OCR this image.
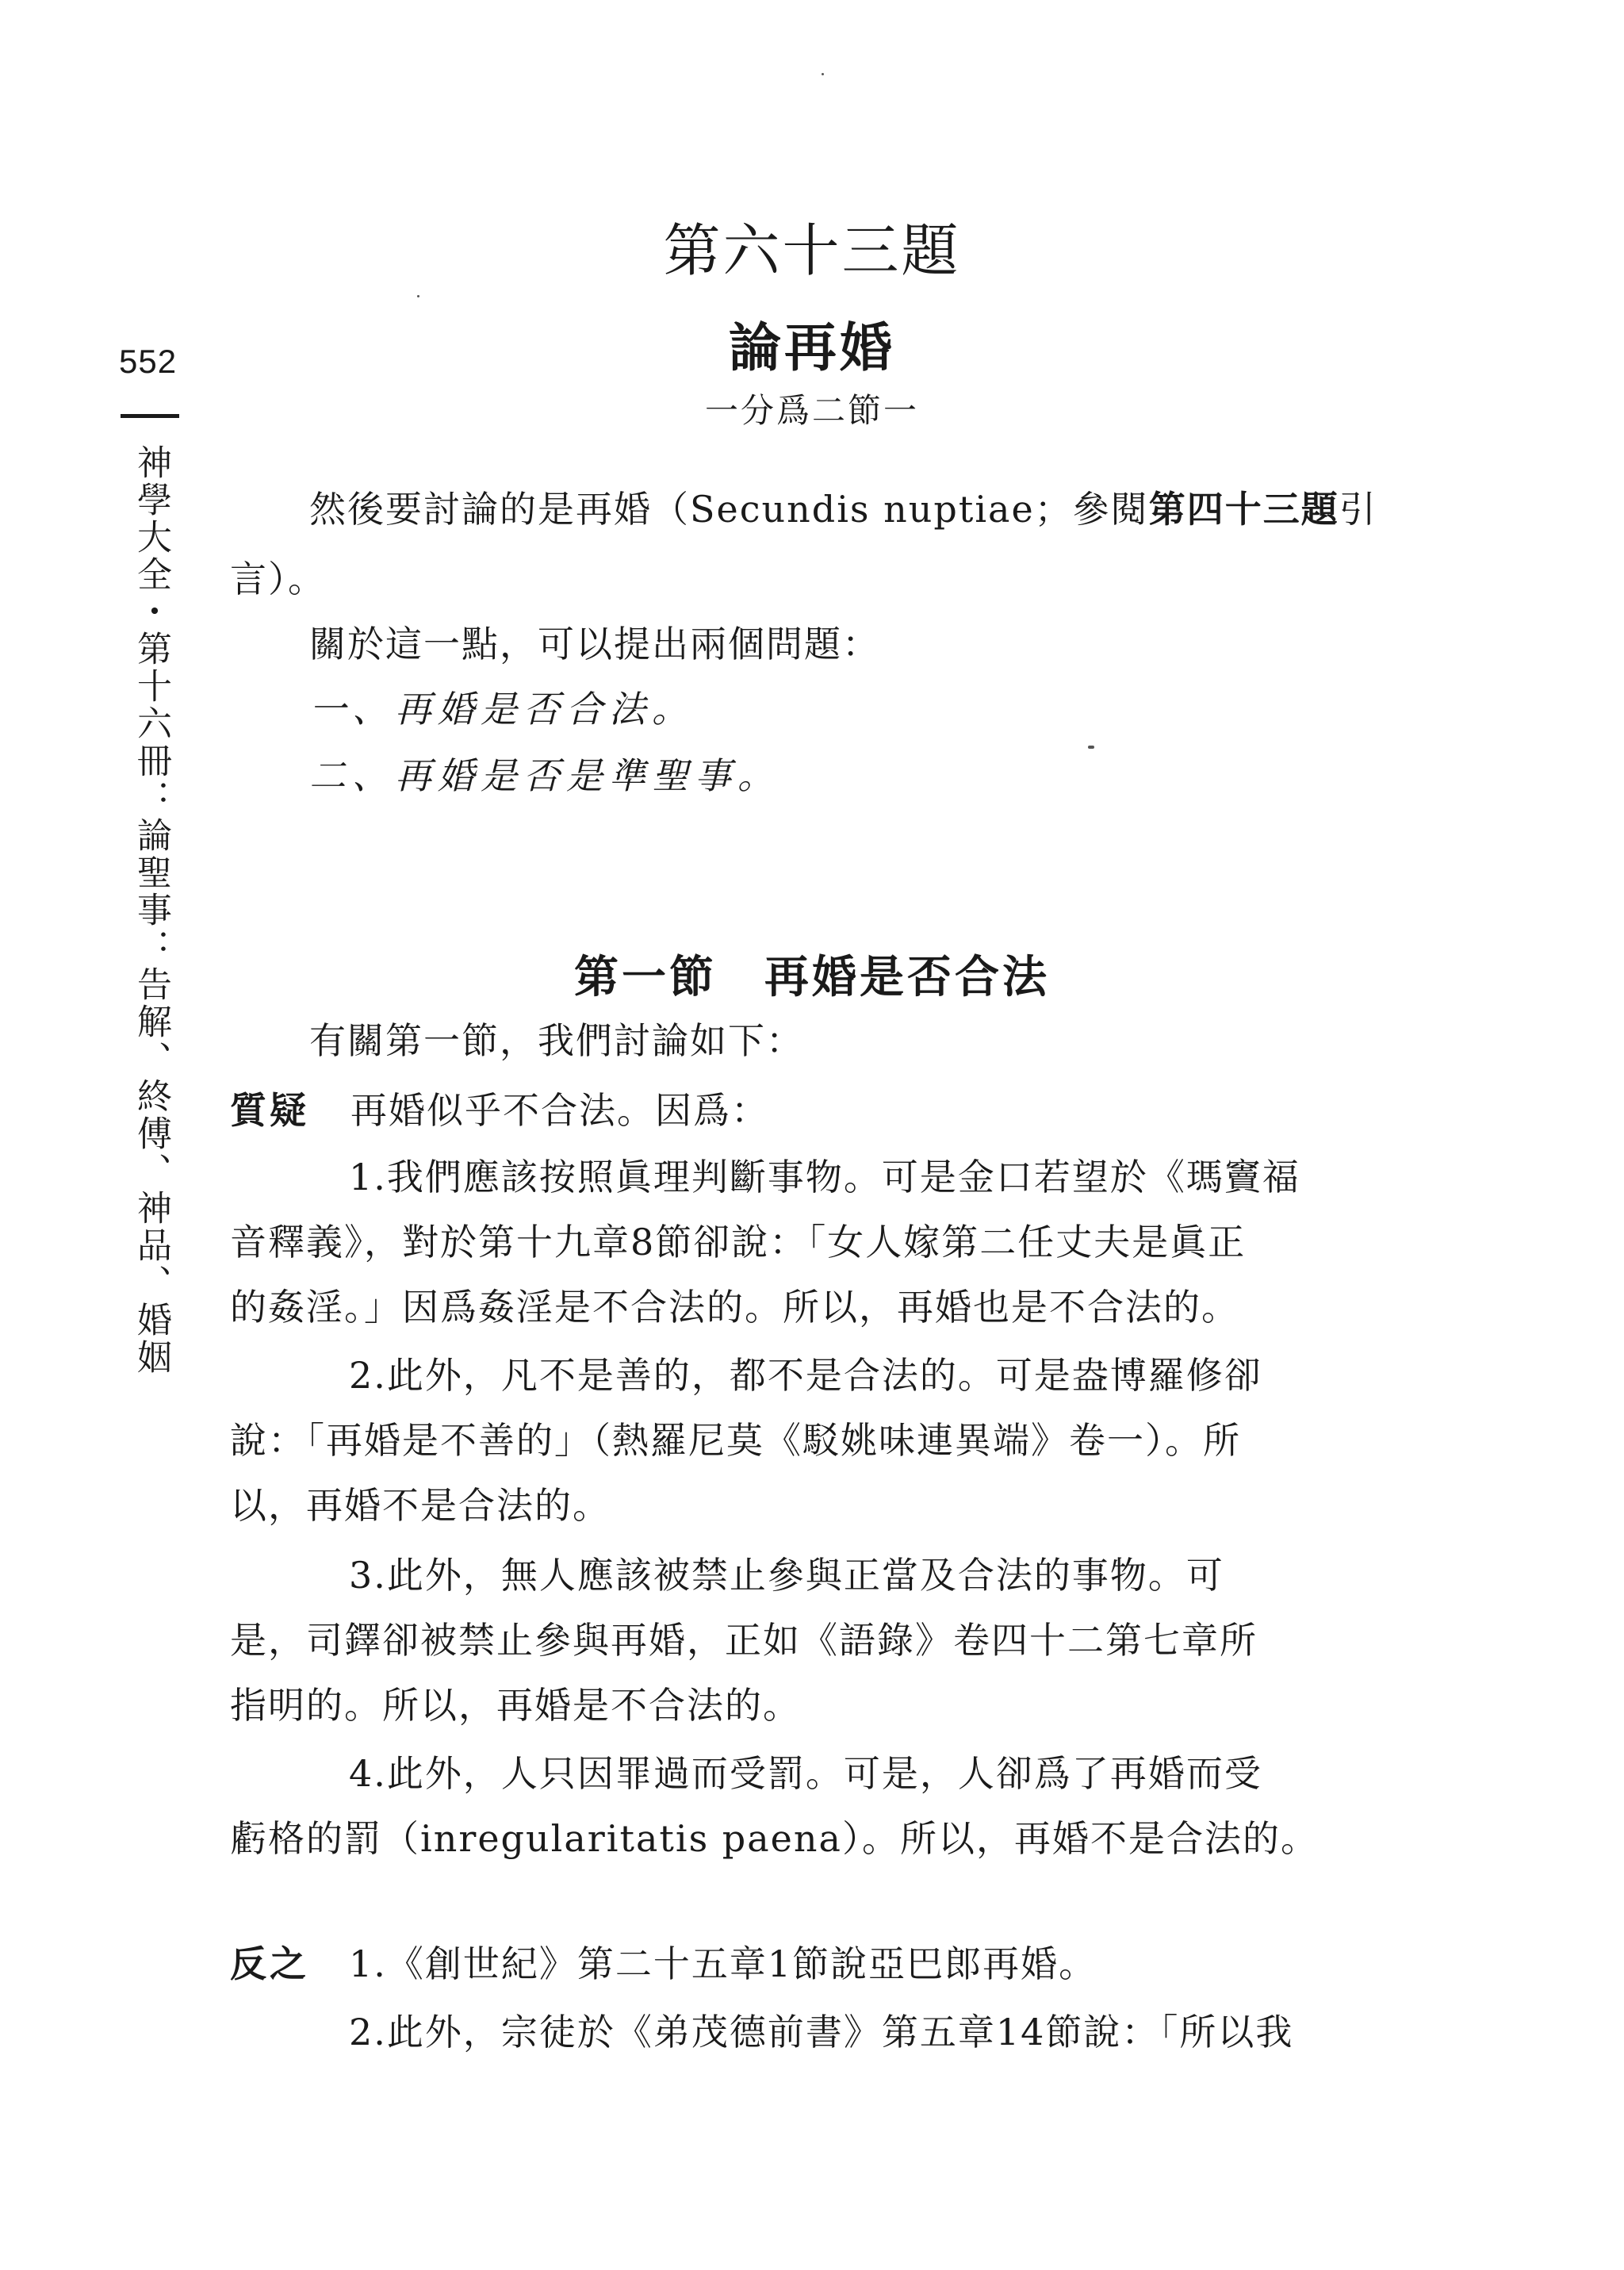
552
神學大全・第十六冊：論聖事：告解、終傅、神品、婚姻
第六十三題
論再婚
一分爲二節一
然後要討論的是再婚（Secundis nuptiae；參閱第四十三題引
言）。
關於這一點，可以提出兩個問題：
一、再婚是否合法。
二、再婚是否是準聖事。
第一節　再婚是否合法
有關第一節，我們討論如下：
質疑 再婚似乎不合法。因爲：
1.我們應該按照眞理判斷事物。可是金口若望於《瑪竇福
音釋義》，對於第十九章8節卻說：「女人嫁第二任丈夫是眞正
的姦淫。」因爲姦淫是不合法的。所以，再婚也是不合法的。
2.此外，凡不是善的，都不是合法的。可是盎博羅修卻
說：「再婚是不善的」（熱羅尼莫《駁姚味連異端》卷一）。所
以，再婚不是合法的。
3.此外，無人應該被禁止參與正當及合法的事物。可
是，司鐸卻被禁止參與再婚，正如《語錄》卷四十二第七章所
指明的。所以，再婚是不合法的。
4.此外，人只因罪過而受罰。可是，人卻爲了再婚而受
虧格的罰（inregularitatis paena）。所以，再婚不是合法的。
反之 1.《創世紀》第二十五章1節說亞巴郎再婚。
2.此外，宗徒於《弟茂德前書》第五章14節說：「所以我
